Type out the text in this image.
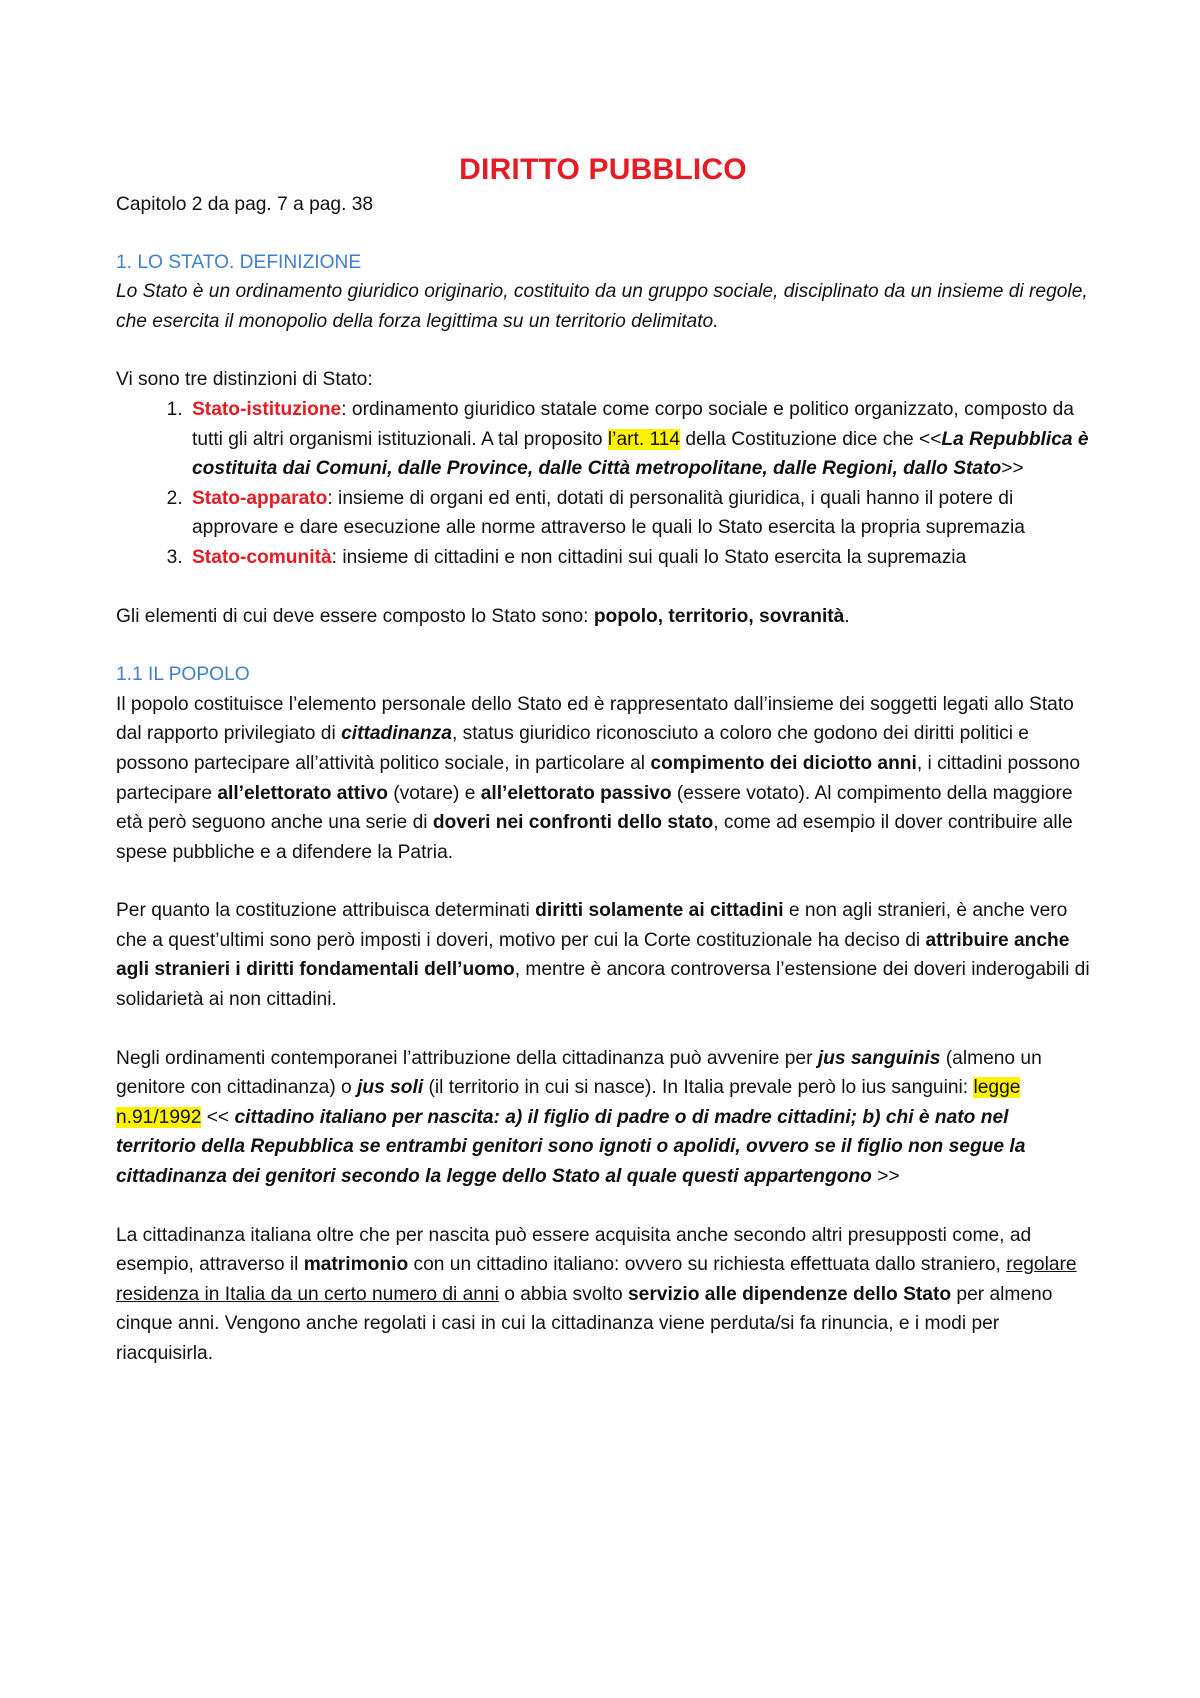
DIRITTO PUBBLICO

Capitolo 2 da pag. 7 a pag. 38

1. LO STATO. DEFINIZIONE

Lo Stato è un ordinamento giuridico originario, costituito da un gruppo sociale, disciplinato da un insieme di regole, che esercita il monopolio della forza legittima su un territorio delimitato.

Vi sono tre distinzioni di Stato:

1. Stato-istituzione: ordinamento giuridico statale come corpo sociale e politico organizzato, composto da tutti gli altri organismi istituzionali. A tal proposito l’art. 114 della Costituzione dice che <<La Repubblica è costituita dai Comuni, dalle Province, dalle Città metropolitane, dalle Regioni, dallo Stato>>
2. Stato-apparato: insieme di organi ed enti, dotati di personalità giuridica, i quali hanno il potere di approvare e dare esecuzione alle norme attraverso le quali lo Stato esercita la propria supremazia
3. Stato-comunità: insieme di cittadini e non cittadini sui quali lo Stato esercita la supremazia

Gli elementi di cui deve essere composto lo Stato sono: popolo, territorio, sovranità.

1.1 IL POPOLO

Il popolo costituisce l’elemento personale dello Stato ed è rappresentato dall’insieme dei soggetti legati allo Stato dal rapporto privilegiato di cittadinanza, status giuridico riconosciuto a coloro che godono dei diritti politici e possono partecipare all’attività politico sociale, in particolare al compimento dei diciotto anni, i cittadini possono partecipare all’elettorato attivo (votare) e all’elettorato passivo (essere votato). Al compimento della maggiore età però seguono anche una serie di doveri nei confronti dello stato, come ad esempio il dover contribuire alle spese pubbliche e a difendere la Patria.

Per quanto la costituzione attribuisca determinati diritti solamente ai cittadini e non agli stranieri, è anche vero che a quest’ultimi sono però imposti i doveri, motivo per cui la Corte costituzionale ha deciso di attribuire anche agli stranieri i diritti fondamentali dell’uomo, mentre è ancora controversa l’estensione dei doveri inderogabili di solidarietà ai non cittadini.

Negli ordinamenti contemporanei l’attribuzione della cittadinanza può avvenire per jus sanguinis (almeno un genitore con cittadinanza) o jus soli (il territorio in cui si nasce). In Italia prevale però lo ius sanguini: legge n.91/1992 << cittadino italiano per nascita: a) il figlio di padre o di madre cittadini; b) chi è nato nel territorio della Repubblica se entrambi genitori sono ignoti o apolidi, ovvero se il figlio non segue la cittadinanza dei genitori secondo la legge dello Stato al quale questi appartengono >>

La cittadinanza italiana oltre che per nascita può essere acquisita anche secondo altri presupposti come, ad esempio, attraverso il matrimonio con un cittadino italiano: ovvero su richiesta effettuata dallo straniero, regolare residenza in Italia da un certo numero di anni o abbia svolto servizio alle dipendenze dello Stato per almeno cinque anni. Vengono anche regolati i casi in cui la cittadinanza viene perduta/si fa rinuncia, e i modi per riacquisirla.
